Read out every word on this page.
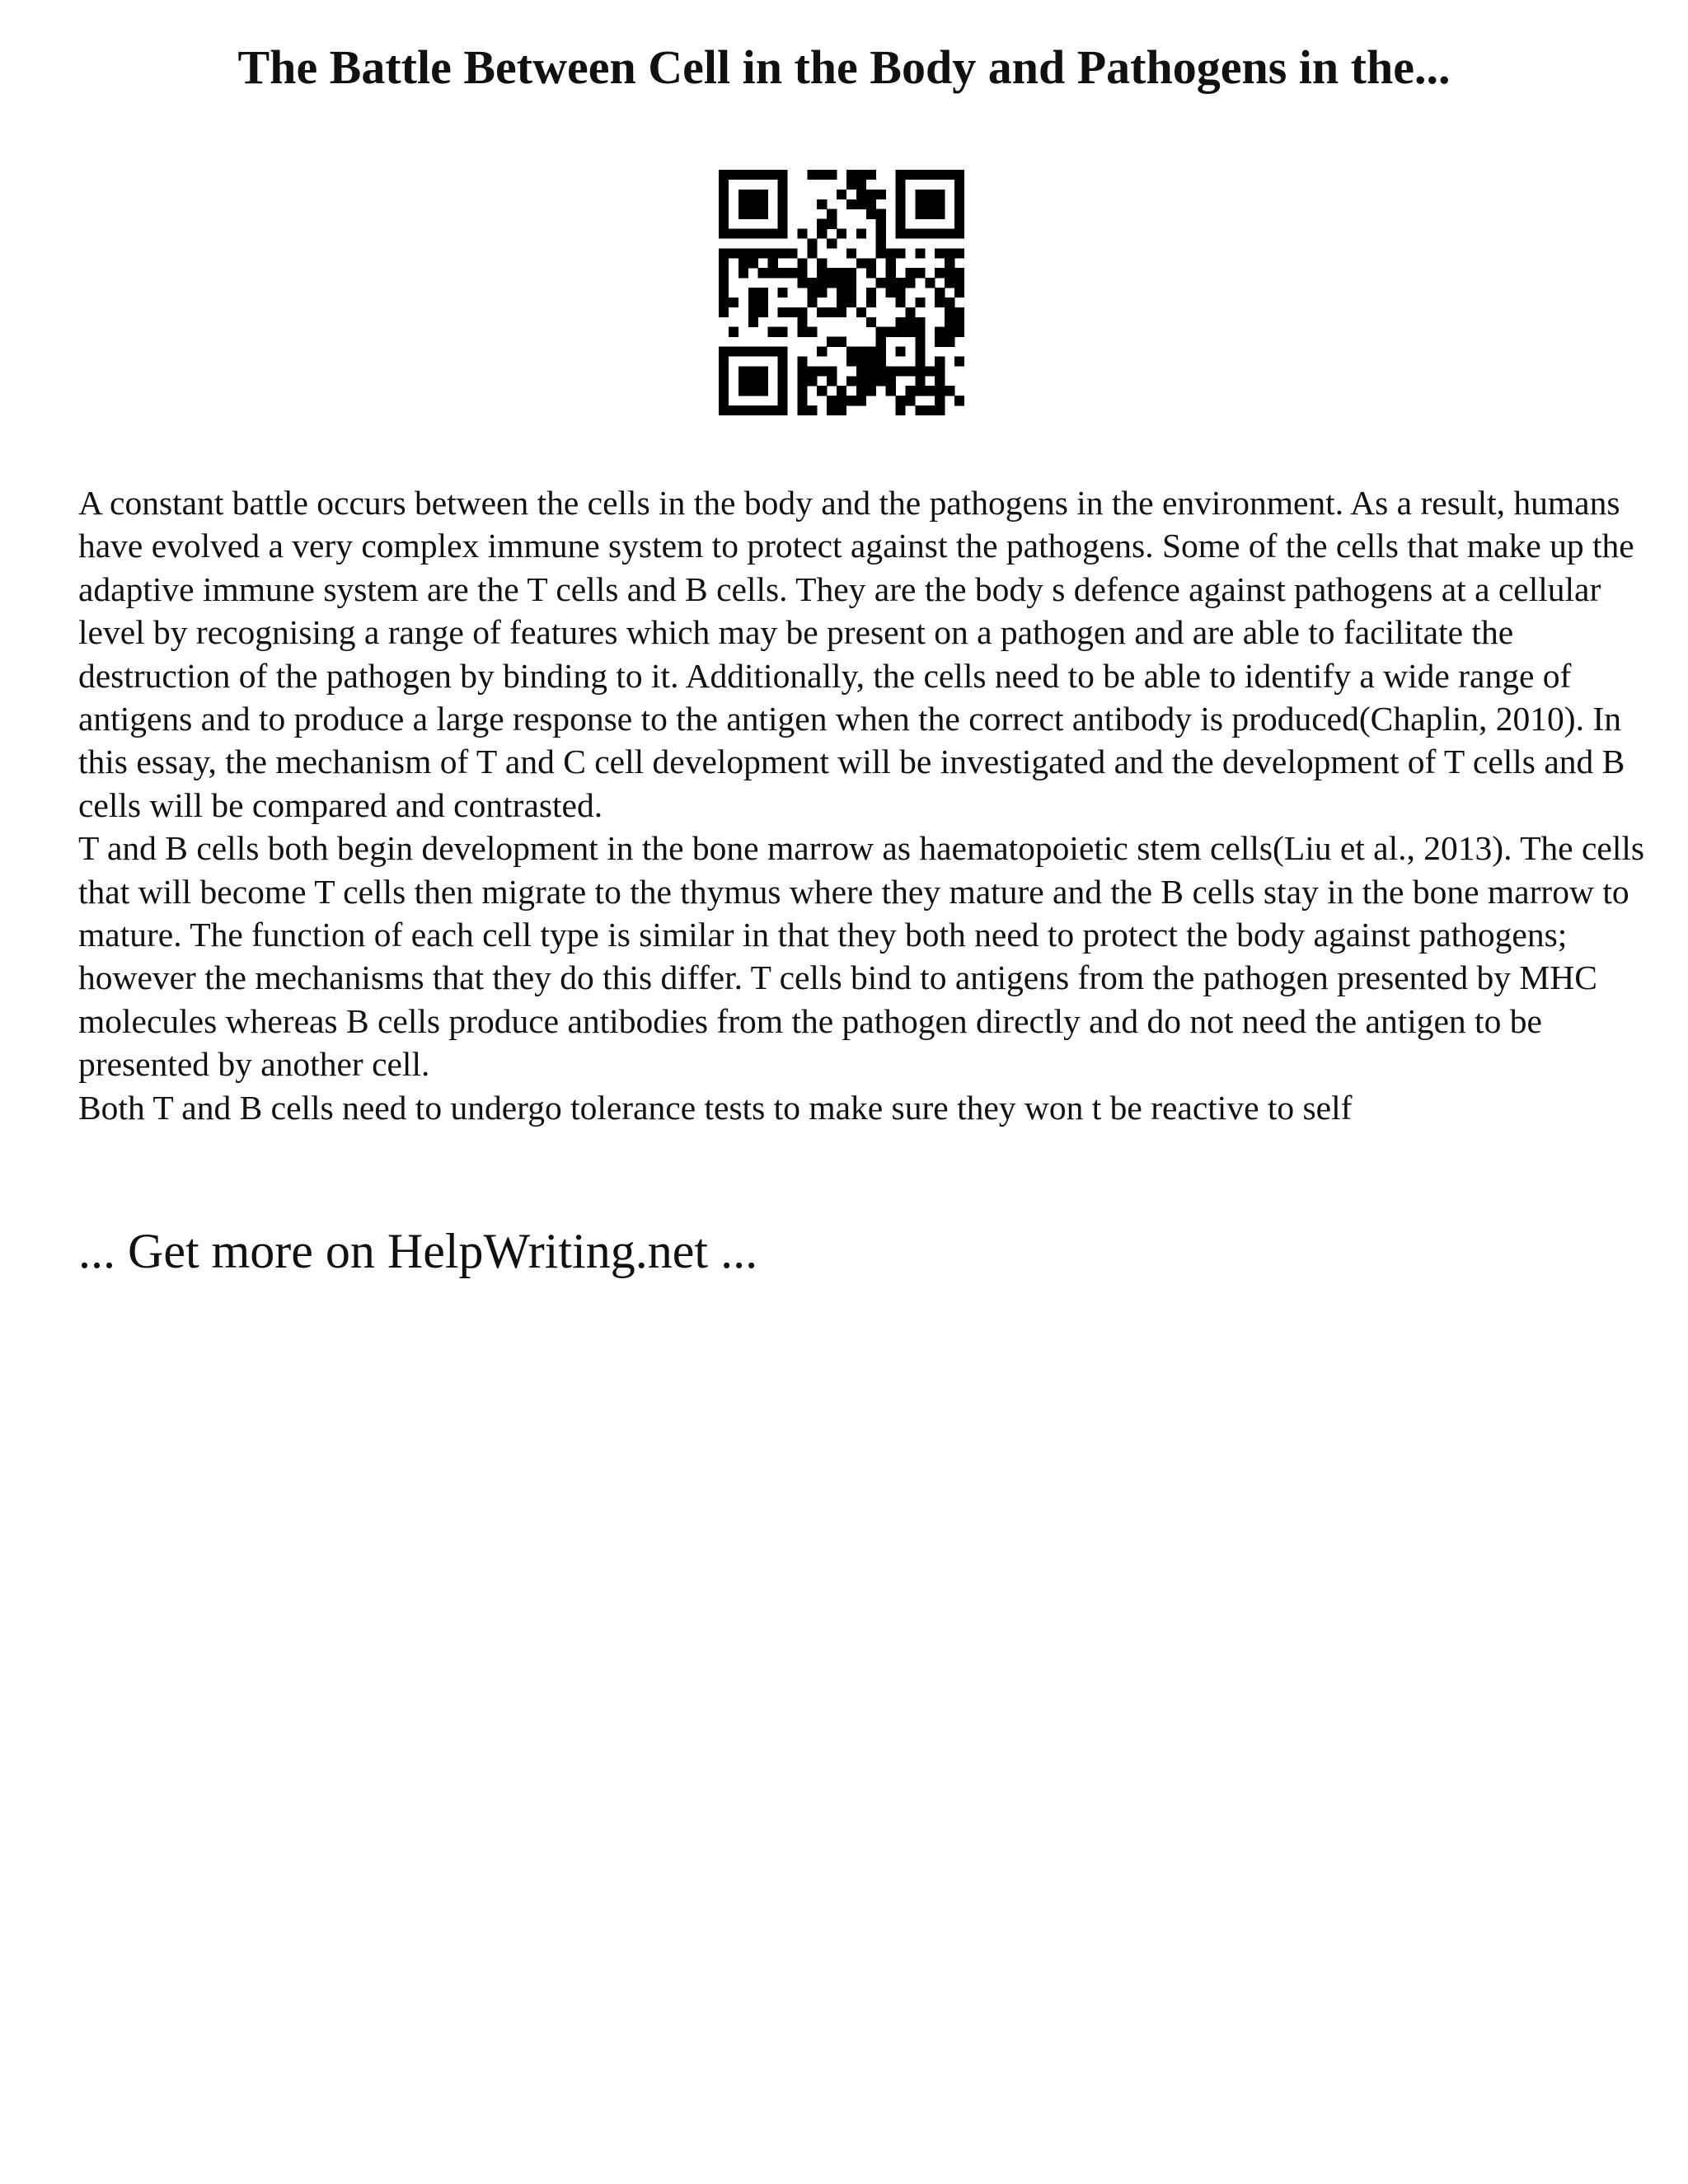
The Battle Between Cell in the Body and Pathogens in the...

A constant battle occurs between the cells in the body and the pathogens in the environment. As a result, humans have evolved a very complex immune system to protect against the pathogens. Some of the cells that make up the adaptive immune system are the T cells and B cells. They are the body s defence against pathogens at a cellular level by recognising a range of features which may be present on a pathogen and are able to facilitate the destruction of the pathogen by binding to it. Additionally, the cells need to be able to identify a wide range of antigens and to produce a large response to the antigen when the correct antibody is produced(Chaplin, 2010). In this essay, the mechanism of T and C cell development will be investigated and the development of T cells and B cells will be compared and contrasted.

T and B cells both begin development in the bone marrow as haematopoietic stem cells(Liu et al., 2013). The cells that will become T cells then migrate to the thymus where they mature and the B cells stay in the bone marrow to mature. The function of each cell type is similar in that they both need to protect the body against pathogens; however the mechanisms that they do this differ. T cells bind to antigens from the pathogen presented by MHC molecules whereas B cells produce antibodies from the pathogen directly and do not need the antigen to be presented by another cell.

Both T and B cells need to undergo tolerance tests to make sure they won t be reactive to self

... Get more on HelpWriting.net ...
